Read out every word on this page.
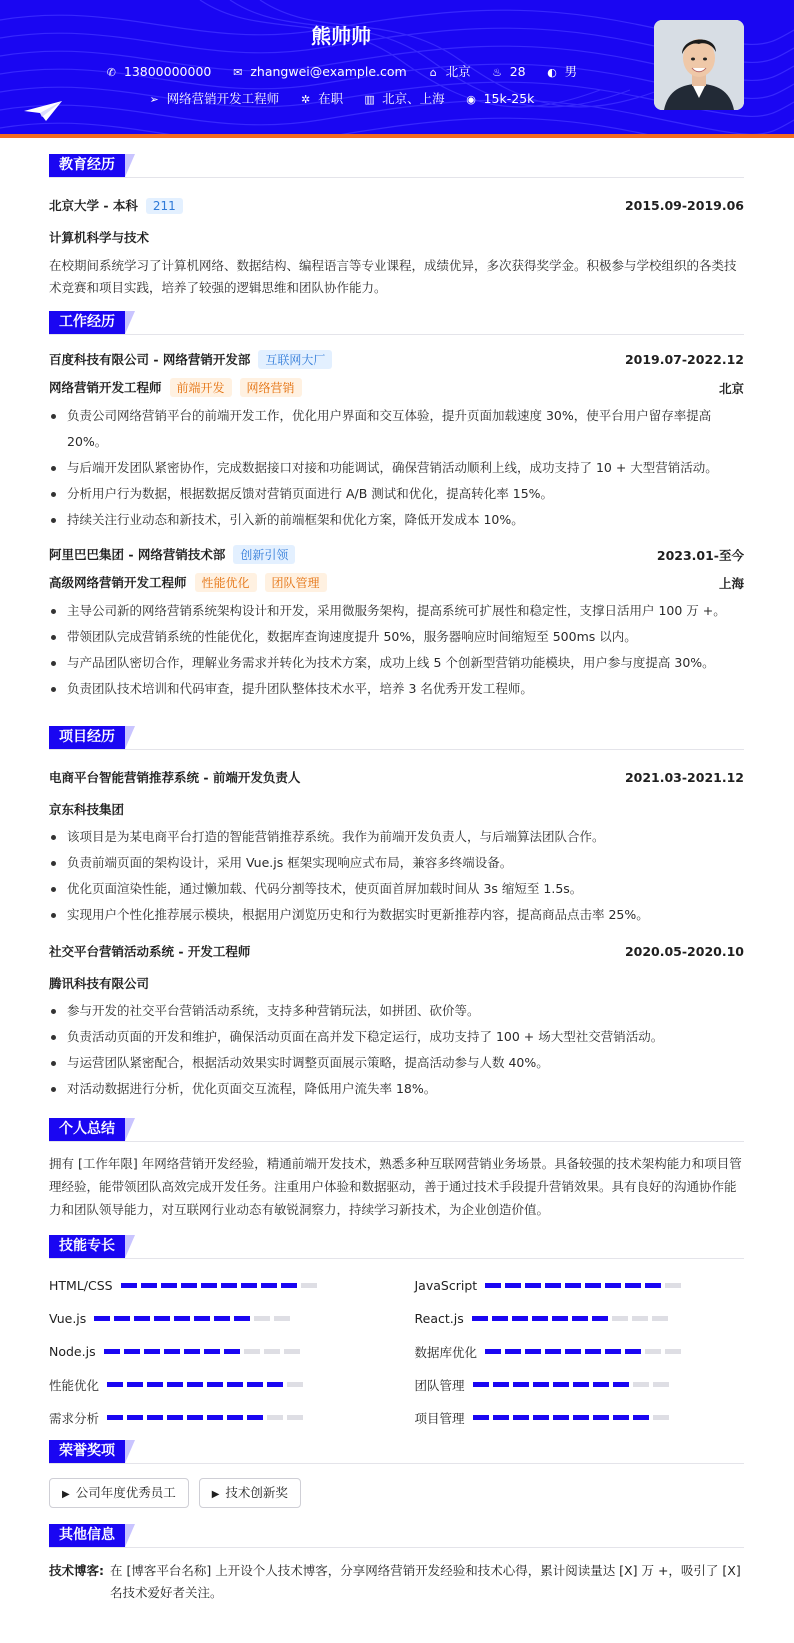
熊帅帅
✆ 13800000000 ✉ zhangwei@example.com ⌂ 北京 ♨ 28 ◐ 男
➢ 网络营销开发工程师 ✲ 在职 ▥ 北京、上海 ◉ 15k-25k
教育经历
北京大学 - 本科 211	2015.09-2019.06
计算机科学与技术
在校期间系统学习了计算机网络、数据结构、编程语言等专业课程，成绩优异，多次获得奖学金。积极参与学校组织的各类技术竞赛和项目实践，培养了较强的逻辑思维和团队协作能力。
工作经历
百度科技有限公司 - 网络营销开发部 互联网大厂	2019.07-2022.12
网络营销开发工程师 前端开发 网络营销	北京
负责公司网络营销平台的前端开发工作，优化用户界面和交互体验，提升页面加载速度 30%，使平台用户留存率提高 20%。
与后端开发团队紧密协作，完成数据接口对接和功能调试，确保营销活动顺利上线，成功支持了 10 + 大型营销活动。
分析用户行为数据，根据数据反馈对营销页面进行 A/B 测试和优化，提高转化率 15%。
持续关注行业动态和新技术，引入新的前端框架和优化方案，降低开发成本 10%。
阿里巴巴集团 - 网络营销技术部 创新引领	2023.01-至今
高级网络营销开发工程师 性能优化 团队管理	上海
主导公司新的网络营销系统架构设计和开发，采用微服务架构，提高系统可扩展性和稳定性，支撑日活用户 100 万 +。
带领团队完成营销系统的性能优化，数据库查询速度提升 50%，服务器响应时间缩短至 500ms 以内。
与产品团队密切合作，理解业务需求并转化为技术方案，成功上线 5 个创新型营销功能模块，用户参与度提高 30%。
负责团队技术培训和代码审查，提升团队整体技术水平，培养 3 名优秀开发工程师。
项目经历
电商平台智能营销推荐系统 - 前端开发负责人	2021.03-2021.12
京东科技集团
该项目是为某电商平台打造的智能营销推荐系统。我作为前端开发负责人，与后端算法团队合作。
负责前端页面的架构设计，采用 Vue.js 框架实现响应式布局，兼容多终端设备。
优化页面渲染性能，通过懒加载、代码分割等技术，使页面首屏加载时间从 3s 缩短至 1.5s。
实现用户个性化推荐展示模块，根据用户浏览历史和行为数据实时更新推荐内容，提高商品点击率 25%。
社交平台营销活动系统 - 开发工程师	2020.05-2020.10
腾讯科技有限公司
参与开发的社交平台营销活动系统，支持多种营销玩法，如拼团、砍价等。
负责活动页面的开发和维护，确保活动页面在高并发下稳定运行，成功支持了 100 + 场大型社交营销活动。
与运营团队紧密配合，根据活动效果实时调整页面展示策略，提高活动参与人数 40%。
对活动数据进行分析，优化页面交互流程，降低用户流失率 18%。
个人总结
拥有 [工作年限] 年网络营销开发经验，精通前端开发技术，熟悉多种互联网营销业务场景。具备较强的技术架构能力和项目管理经验，能带领团队高效完成开发任务。注重用户体验和数据驱动，善于通过技术手段提升营销效果。具有良好的沟通协作能力和团队领导能力，对互联网行业动态有敏锐洞察力，持续学习新技术，为企业创造价值。
技能专长
HTML/CSS	JavaScript
Vue.js	React.js
Node.js	数据库优化
性能优化	团队管理
需求分析	项目管理
荣誉奖项
▶ 公司年度优秀员工	▶ 技术创新奖
其他信息
技术博客: 在 [博客平台名称] 上开设个人技术博客，分享网络营销开发经验和技术心得，累计阅读量达 [X] 万 +，吸引了 [X] 名技术爱好者关注。
